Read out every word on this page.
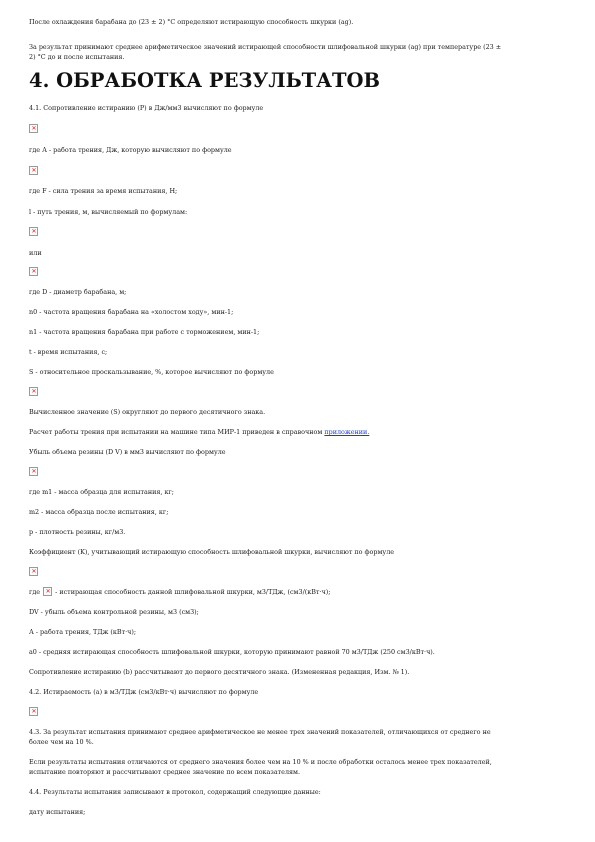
После охлаждения барабана до (23 ± 2) °С определяют истирающую способность шкурки (ag).
За результат принимают среднее арифметическое значений истирающей способности шлифовальной шкурки (ag) при температуре (23 ±
2) °С до и после испытания.
4. ОБРАБОТКА РЕЗУЛЬТАТОВ
4.1. Сопротивление истиранию (Р) в Дж/мм3 вычисляют по формуле
✕
где А - работа трения, Дж, которую вычисляют по формуле
✕
где F - сила трения за время испытания, Н;
l - путь трения, м, вычисляемый по формулам:
✕
или
✕
где D - диаметр барабана, м;
n0 - частота вращения барабана на «холостом ходу», мин-1;
n1 - частота вращения барабана при работе с торможением, мин-1;
t - время испытания, с;
S - относительное проскальзывание, %, которое вычисляют по формуле
✕
Вычисленное значение (S) округляют до первого десятичного знака.
Расчет работы трения при испытании на машине типа МИР-1 приведен в справочном приложении.
Убыль объема резины (D V) в мм3 вычисляют по формуле
✕
где m1 - масса образца для испытания, кг;
m2 - масса образца после испытания, кг;
р - плотность резины, кг/м3.
Коэффициент (K), учитывающий истирающую способность шлифовальной шкурки, вычисляют по формуле
✕
где ✕ - истирающая способность данной шлифовальной шкурки, м3/ТДж, (см3/(кВт·ч);
DV - убыль объема контрольной резины, м3 (см3);
А - работа трения, ТДж (кВт·ч);
а0 - средняя истирающая способность шлифовальной шкурки, которую принимают равной 70 м3/ТДж (250 см3/кВт·ч).
Сопротивление истиранию (b) рассчитывают до первого десятичного знака. (Измененная редакция, Изм. № 1).
4.2. Истираемость (a) в м3/ТДж (см3/кВт·ч) вычисляют по формуле
✕
4.3. За результат испытания принимают среднее арифметическое не менее трех значений показателей, отличающихся от среднего не
более чем на 10 %.
Если результаты испытания отличаются от среднего значения более чем на 10 % и после обработки осталось менее трех показателей,
испытание повторяют и рассчитывают среднее значение по всем показателям.
4.4. Результаты испытания записывают в протокол, содержащий следующие данные:
дату испытания;
